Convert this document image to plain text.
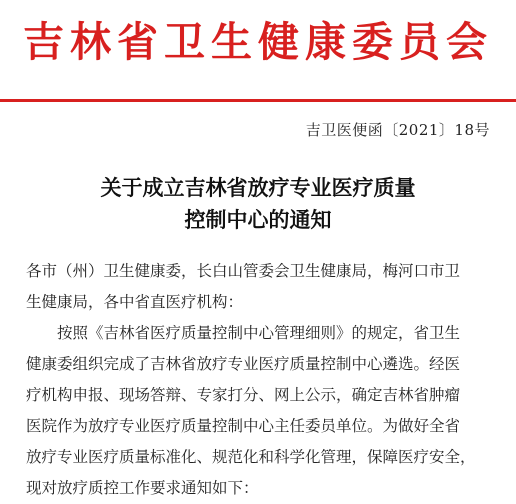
吉林省卫生健康委员会
吉卫医便函〔2021〕18号
关于成立吉林省放疗专业医疗质量
控制中心的通知
各市（州）卫生健康委，长白山管委会卫生健康局，梅河口市卫
生健康局，各中省直医疗机构：
按照《吉林省医疗质量控制中心管理细则》的规定，省卫生
健康委组织完成了吉林省放疗专业医疗质量控制中心遴选。经医
疗机构申报、现场答辩、专家打分、网上公示，确定吉林省肿瘤
医院作为放疗专业医疗质量控制中心主任委员单位。为做好全省
放疗专业医疗质量标准化、规范化和科学化管理，保障医疗安全，
现对放疗质控工作要求通知如下：
